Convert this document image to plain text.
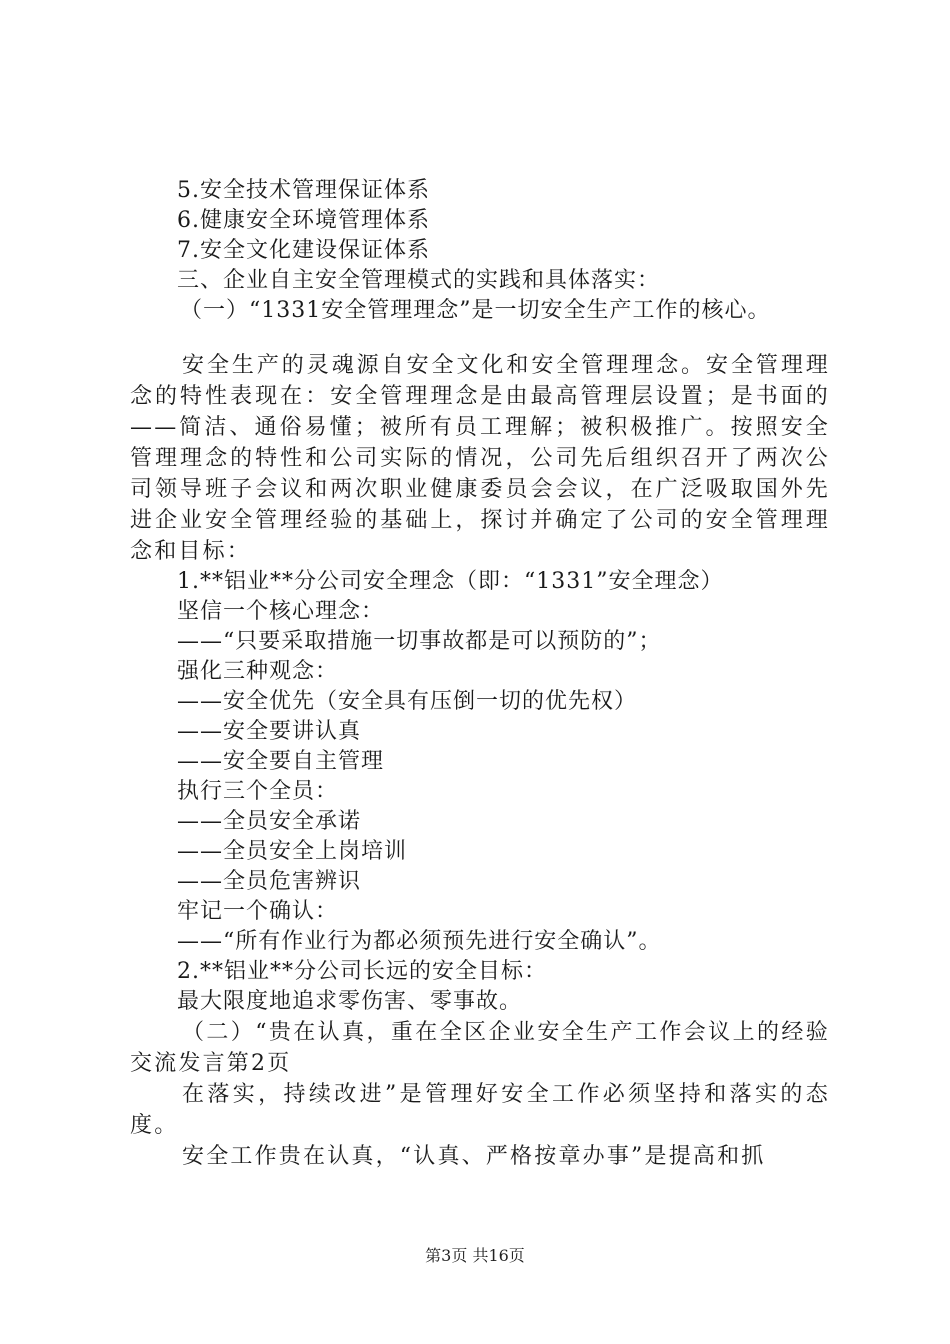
5.安全技术管理保证体系
6.健康安全环境管理体系
7.安全文化建设保证体系
三、企业自主安全管理模式的实践和具体落实：
（一）“1331安全管理理念”是一切安全生产工作的核心。
安全生产的灵魂源自安全文化和安全管理理念。安全管理理念的特性表现在：安全管理理念是由最高管理层设置；是书面的——简洁、通俗易懂；被所有员工理解；被积极推广。按照安全管理理念的特性和公司实际的情况，公司先后组织召开了两次公司领导班子会议和两次职业健康委员会会议，在广泛吸取国外先进企业安全管理经验的基础上，探讨并确定了公司的安全管理理念和目标：
1.**铝业**分公司安全理念（即：“1331”安全理念）
坚信一个核心理念：
——“只要采取措施一切事故都是可以预防的”；
强化三种观念：
——安全优先（安全具有压倒一切的优先权）
——安全要讲认真
——安全要自主管理
执行三个全员：
——全员安全承诺
——全员安全上岗培训
——全员危害辨识
牢记一个确认：
——“所有作业行为都必须预先进行安全确认”。
2.**铝业**分公司长远的安全目标：
最大限度地追求零伤害、零事故。
（二）“贵在认真，重在全区企业安全生产工作会议上的经验交流发言第2页
在落实，持续改进”是管理好安全工作必须坚持和落实的态度。
安全工作贵在认真，“认真、严格按章办事”是提高和抓
第3页 共16页
